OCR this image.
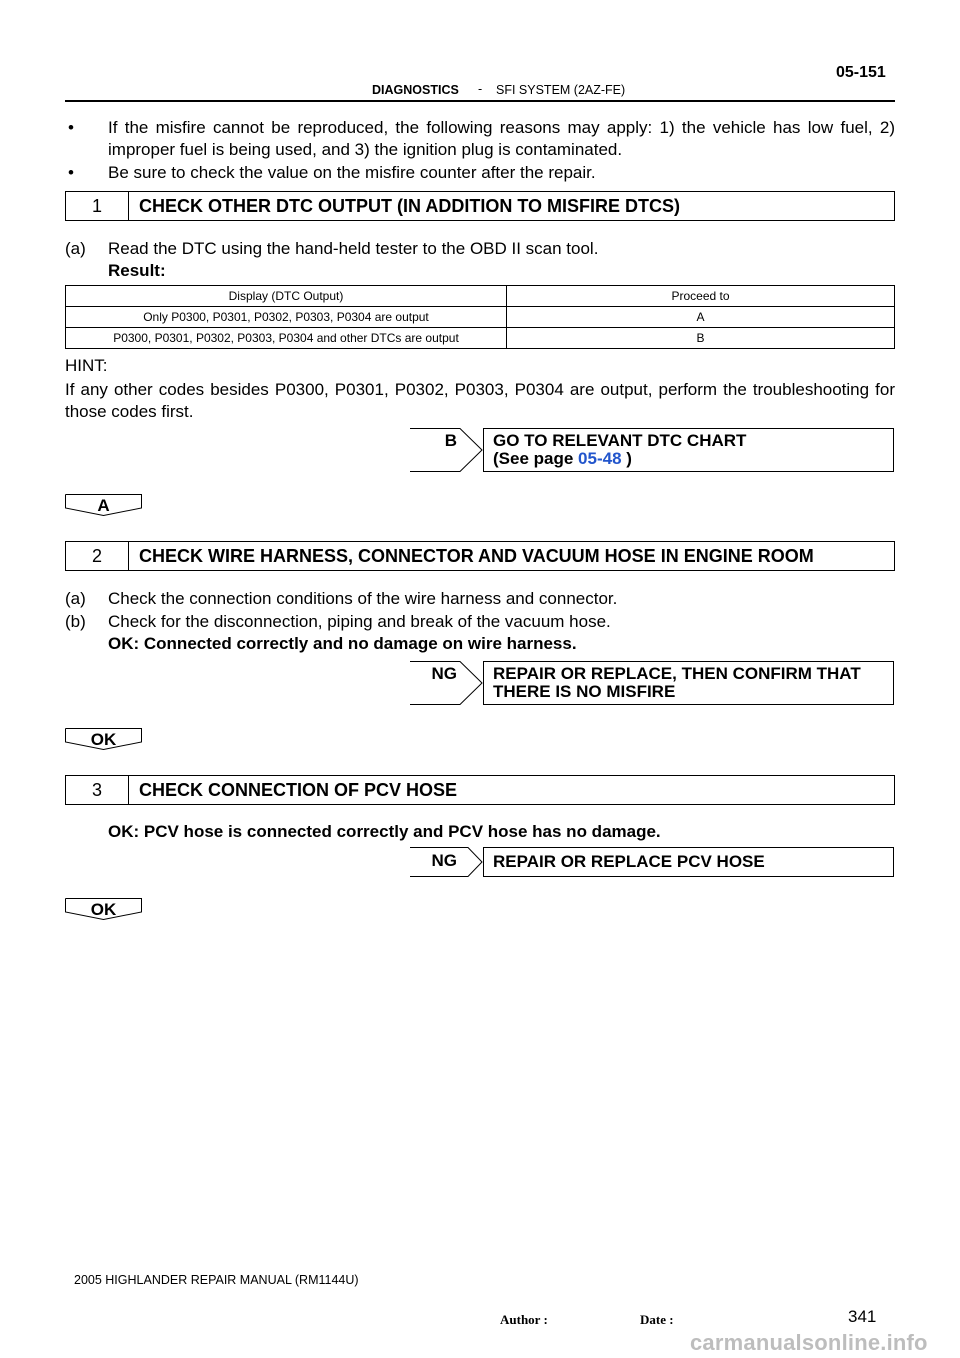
05-151
DIAGNOSTICS - SFI SYSTEM (2AZ-FE)
• If the misfire cannot be reproduced, the following reasons may apply: 1) the vehicle has low fuel, 2) improper fuel is being used, and 3) the ignition plug is contaminated.
• Be sure to check the value on the misfire counter after the repair.
1	CHECK OTHER DTC OUTPUT (IN ADDITION TO MISFIRE DTCS)
(a) Read the DTC using the hand-held tester to the OBD II scan tool.
Result:
Display (DTC Output)	Proceed to
Only P0300, P0301, P0302, P0303, P0304 are output	A
P0300, P0301, P0302, P0303, P0304 and other DTCs are output	B
HINT:
If any other codes besides P0300, P0301, P0302, P0303, P0304 are output, perform the troubleshooting for those codes first.
B GO TO RELEVANT DTC CHART
(See page 05-48 )
A
2	CHECK WIRE HARNESS, CONNECTOR AND VACUUM HOSE IN ENGINE ROOM
(a) Check the connection conditions of the wire harness and connector.
(b) Check for the disconnection, piping and break of the vacuum hose.
OK: Connected correctly and no damage on wire harness.
NG REPAIR OR REPLACE, THEN CONFIRM THAT
THERE IS NO MISFIRE
OK
3	CHECK CONNECTION OF PCV HOSE
OK: PCV hose is connected correctly and PCV hose has no damage.
NG REPAIR OR REPLACE PCV HOSE
OK
2005 HIGHLANDER REPAIR MANUAL (RM1144U)
341
Author :	Date :
carmanualsonline.info
